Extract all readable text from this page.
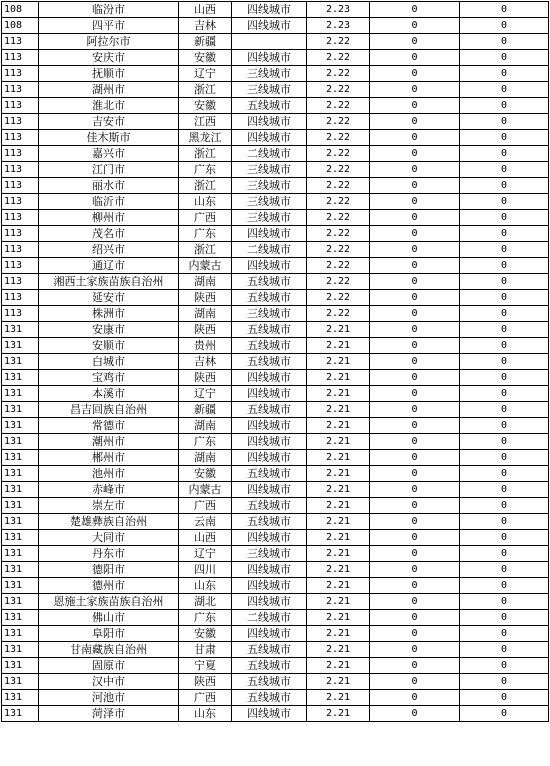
108	临汾市	山西	四线城市	2.23	0	0
108	四平市	吉林	四线城市	2.23	0	0
113	阿拉尔市	新疆		2.22	0	0
113	安庆市	安徽	四线城市	2.22	0	0
113	抚顺市	辽宁	三线城市	2.22	0	0
113	湖州市	浙江	三线城市	2.22	0	0
113	淮北市	安徽	五线城市	2.22	0	0
113	吉安市	江西	四线城市	2.22	0	0
113	佳木斯市	黑龙江	四线城市	2.22	0	0
113	嘉兴市	浙江	二线城市	2.22	0	0
113	江门市	广东	三线城市	2.22	0	0
113	丽水市	浙江	三线城市	2.22	0	0
113	临沂市	山东	三线城市	2.22	0	0
113	柳州市	广西	三线城市	2.22	0	0
113	茂名市	广东	四线城市	2.22	0	0
113	绍兴市	浙江	二线城市	2.22	0	0
113	通辽市	内蒙古	四线城市	2.22	0	0
113	湘西土家族苗族自治州	湖南	五线城市	2.22	0	0
113	延安市	陕西	五线城市	2.22	0	0
113	株洲市	湖南	三线城市	2.22	0	0
131	安康市	陕西	五线城市	2.21	0	0
131	安顺市	贵州	五线城市	2.21	0	0
131	白城市	吉林	五线城市	2.21	0	0
131	宝鸡市	陕西	四线城市	2.21	0	0
131	本溪市	辽宁	四线城市	2.21	0	0
131	昌吉回族自治州	新疆	五线城市	2.21	0	0
131	常德市	湖南	四线城市	2.21	0	0
131	潮州市	广东	四线城市	2.21	0	0
131	郴州市	湖南	四线城市	2.21	0	0
131	池州市	安徽	五线城市	2.21	0	0
131	赤峰市	内蒙古	四线城市	2.21	0	0
131	崇左市	广西	五线城市	2.21	0	0
131	楚雄彝族自治州	云南	五线城市	2.21	0	0
131	大同市	山西	四线城市	2.21	0	0
131	丹东市	辽宁	三线城市	2.21	0	0
131	德阳市	四川	四线城市	2.21	0	0
131	德州市	山东	四线城市	2.21	0	0
131	恩施土家族苗族自治州	湖北	四线城市	2.21	0	0
131	佛山市	广东	二线城市	2.21	0	0
131	阜阳市	安徽	四线城市	2.21	0	0
131	甘南藏族自治州	甘肃	五线城市	2.21	0	0
131	固原市	宁夏	五线城市	2.21	0	0
131	汉中市	陕西	五线城市	2.21	0	0
131	河池市	广西	五线城市	2.21	0	0
131	菏泽市	山东	四线城市	2.21	0	0
